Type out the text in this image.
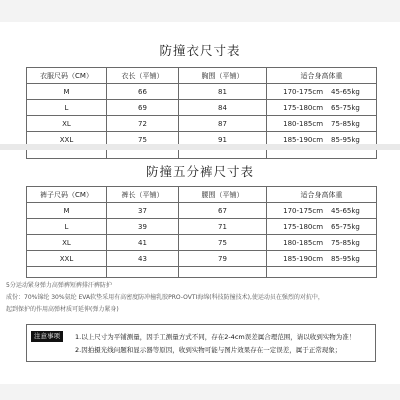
防撞衣尺寸表
衣服尺码（CM）	衣长（平铺）	胸围（平铺）	适合身高体重
M	66	81	170-175cm 45-65kg

L	69	84	175-180cm 65-75kg

XL	72	87	180-185cm 75-85kg

XXL	75	91	185-190cm 85-95kg

防撞五分裤尺寸表
裤子尺码（CM）	裤长（平铺）	腰围（平铺）	适合身高体重
M	37	67	170-175cm 45-65kg

L	39	71	175-180cm 65-75kg

XL	41	75	180-185cm 75-85kg

XXL	43	79	185-190cm 85-95kg

5分运动紧身弹力高弹裤短裤排汗裤防护
成份：70%锦纶 30%氨纶 EVA软垫采用有高密度防冲撞乳胶PRO-OVTI海绵(科技防撞技术),使运动员在强烈的对抗中，
起到保护的作用高弹材质可延伸(弹力紧身)
注意事项	1.以上尺寸为平铺测量，因手工测量方式不同，存在2-4cm误差属合理范围，请以收到实物为准！
2.因拍摄光线问题和显示器等原因，收到实物可能与图片效果存在一定误差，属于正常现象；
